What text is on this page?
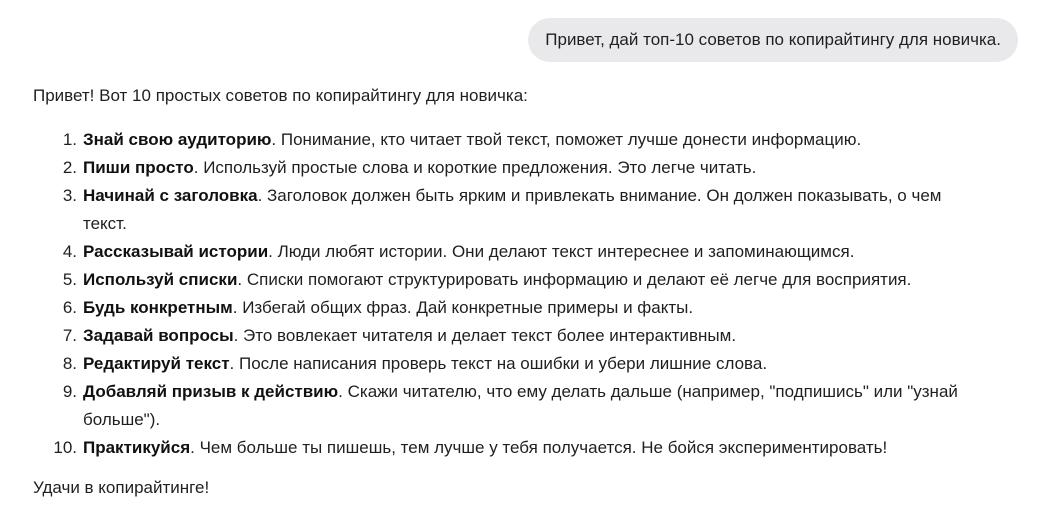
Привет, дай топ-10 советов по копирайтингу для новичка.

Привет! Вот 10 простых советов по копирайтингу для новичка:

1. Знай свою аудиторию. Понимание, кто читает твой текст, поможет лучше донести информацию.
2. Пиши просто. Используй простые слова и короткие предложения. Это легче читать.
3. Начинай с заголовка. Заголовок должен быть ярким и привлекать внимание. Он должен показывать, о чем текст.
4. Рассказывай истории. Люди любят истории. Они делают текст интереснее и запоминающимся.
5. Используй списки. Списки помогают структурировать информацию и делают её легче для восприятия.
6. Будь конкретным. Избегай общих фраз. Дай конкретные примеры и факты.
7. Задавай вопросы. Это вовлекает читателя и делает текст более интерактивным.
8. Редактируй текст. После написания проверь текст на ошибки и убери лишние слова.
9. Добавляй призыв к действию. Скажи читателю, что ему делать дальше (например, "подпишись" или "узнай больше").
10. Практикуйся. Чем больше ты пишешь, тем лучше у тебя получается. Не бойся экспериментировать!

Удачи в копирайтинге!
